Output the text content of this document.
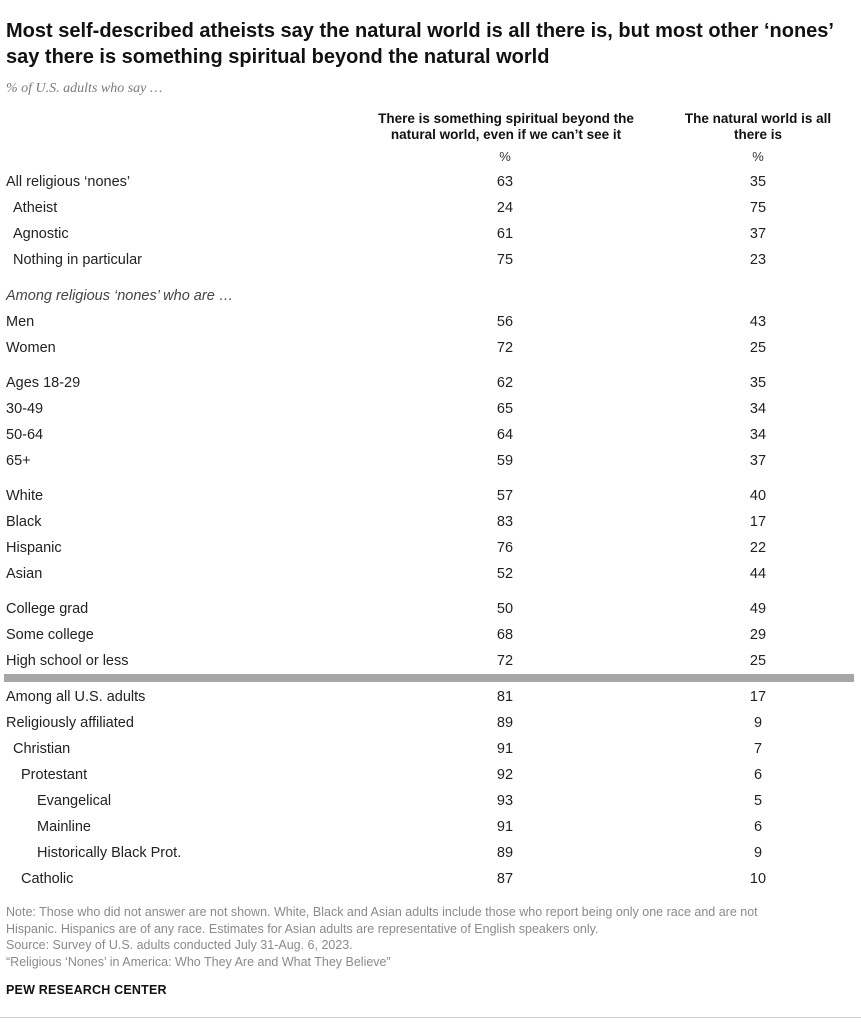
Most self-described atheists say the natural world is all there is, but most other ‘nones’ say there is something spiritual beyond the natural world
% of U.S. adults who say …
There is something spiritual beyond the natural world, even if we can’t see it
The natural world is all there is
%	%
All religious ‘nones’	63	35
Atheist	24	75
Agnostic	61	37
Nothing in particular	75	23
Among religious ‘nones’ who are …
Men	56	43
Women	72	25
Ages 18-29	62	35
30-49	65	34
50-64	64	34
65+	59	37
White	57	40
Black	83	17
Hispanic	76	22
Asian	52	44
College grad	50	49
Some college	68	29
High school or less	72	25
Among all U.S. adults	81	17
Religiously affiliated	89	9
Christian	91	7
Protestant	92	6
Evangelical	93	5
Mainline	91	6
Historically Black Prot.	89	9
Catholic	87	10
Note: Those who did not answer are not shown. White, Black and Asian adults include those who report being only one race and are not
Hispanic. Hispanics are of any race. Estimates for Asian adults are representative of English speakers only.
Source: Survey of U.S. adults conducted July 31-Aug. 6, 2023.
“Religious ‘Nones’ in America: Who They Are and What They Believe”
PEW RESEARCH CENTER
